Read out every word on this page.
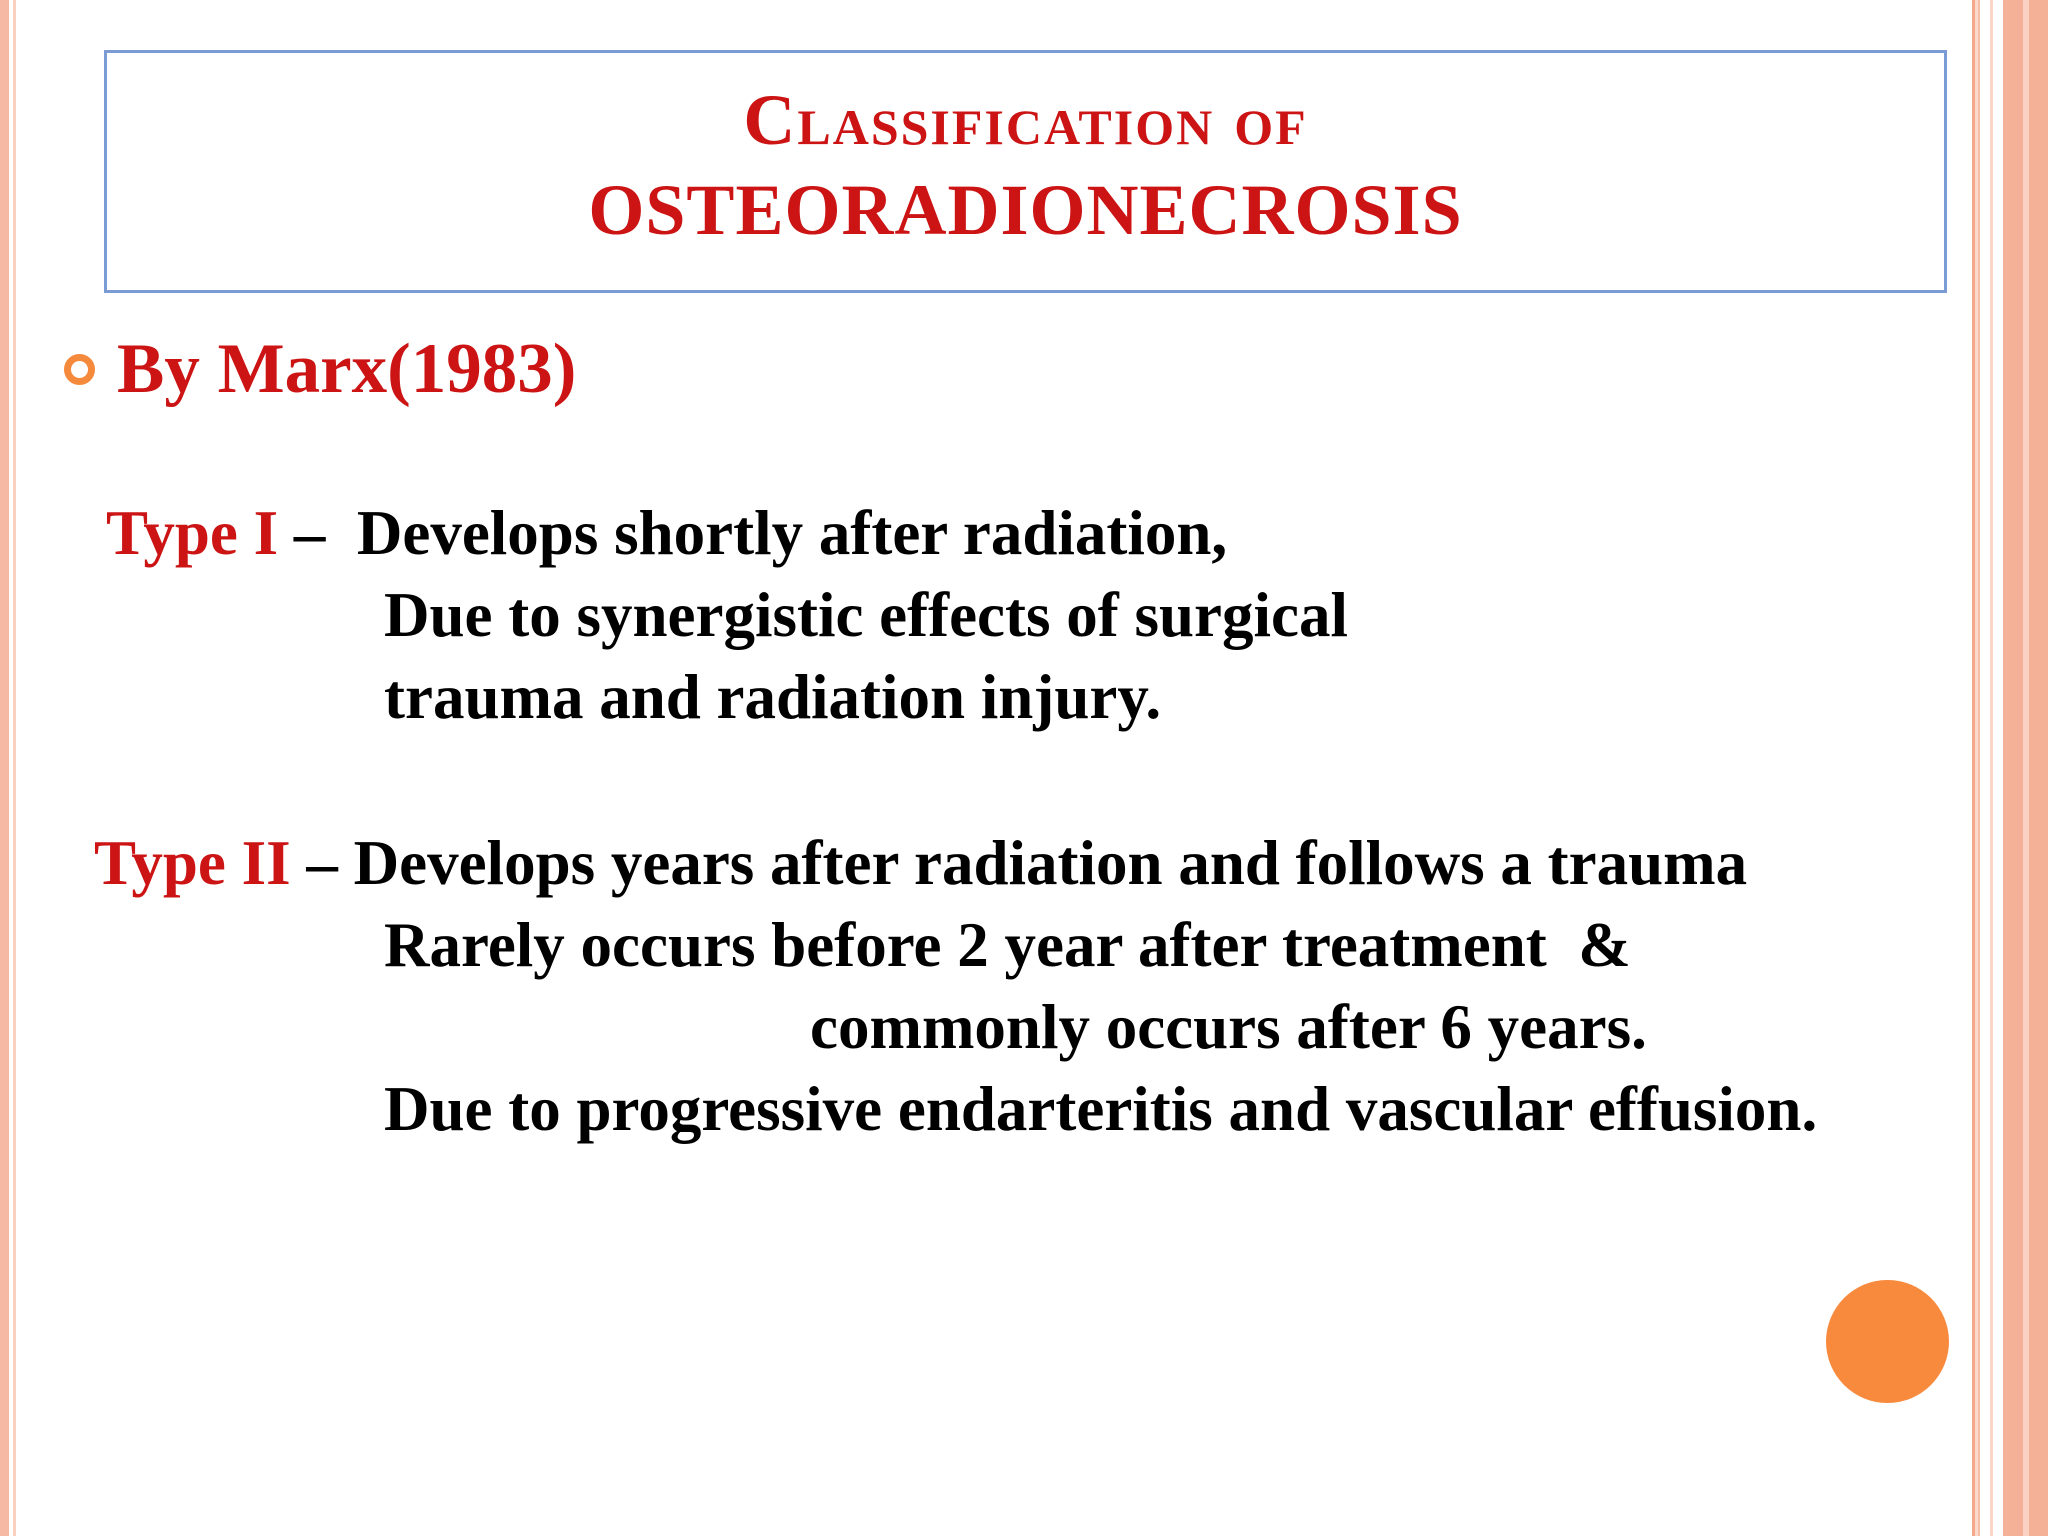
Classification of
OSTEORADIONECROSIS
By Marx(1983)
Type I –  Develops shortly after radiation,
Due to synergistic effects of surgical
trauma and radiation injury.
Type II – Develops years after radiation and follows a trauma
Rarely occurs before 2 year after treatment  &
commonly occurs after 6 years.
Due to progressive endarteritis and vascular effusion.
